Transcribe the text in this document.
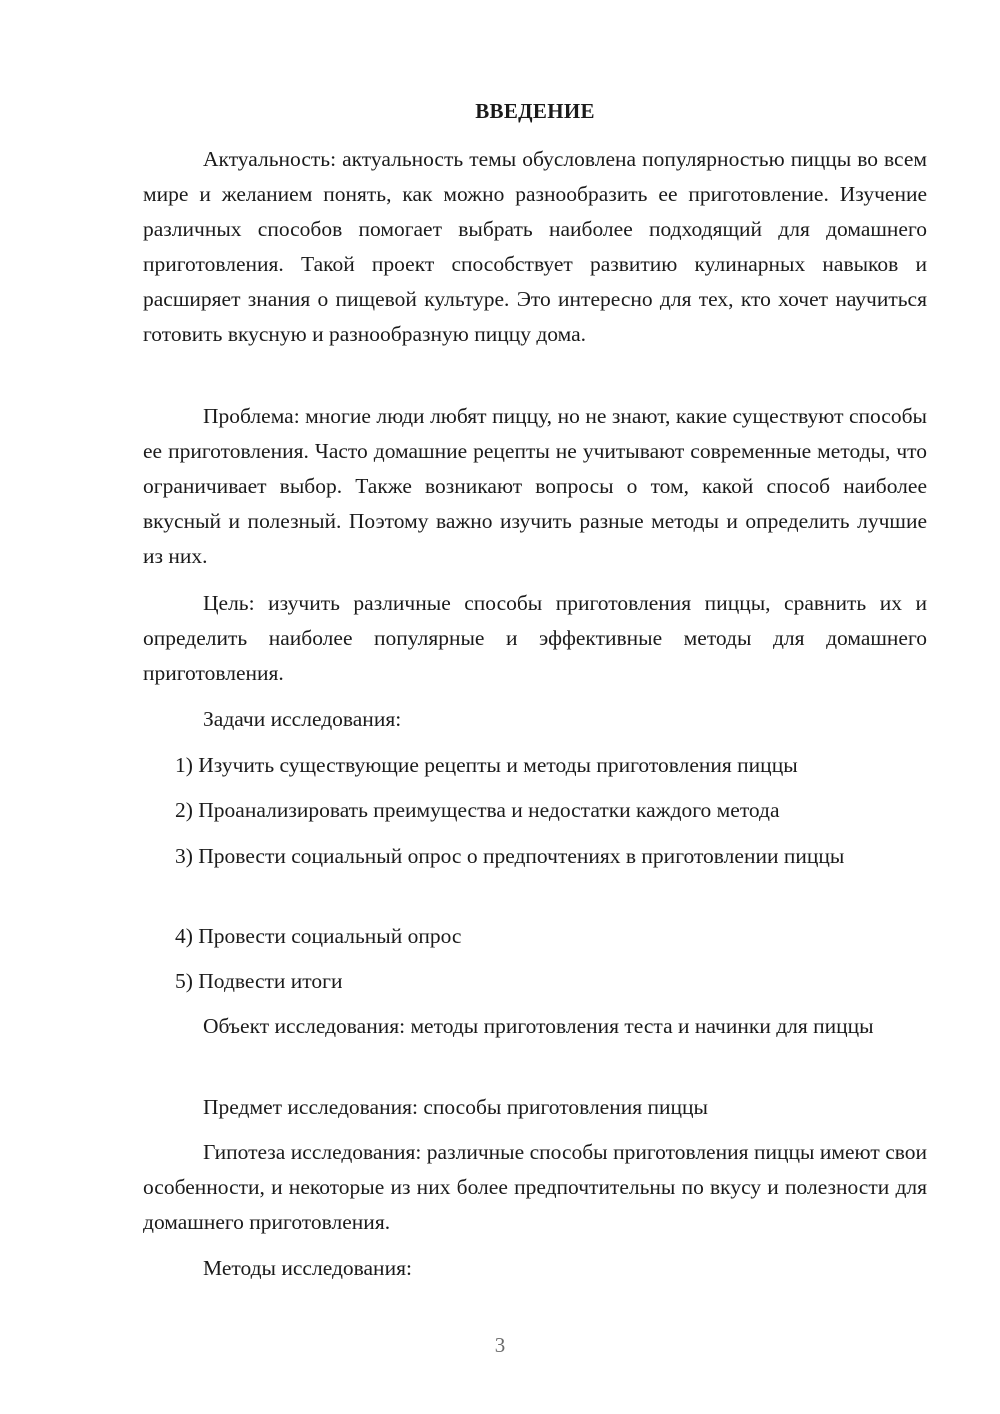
ВВЕДЕНИЕ

Актуальность: актуальность темы обусловлена популярностью пиццы во всем мире и желанием понять, как можно разнообразить ее приготовление. Изучение различных способов помогает выбрать наиболее подходящий для домашнего приготовления. Такой проект способствует развитию кулинарных навыков и расширяет знания о пищевой культуре. Это интересно для тех, кто хочет научиться готовить вкусную и разнообразную пиццу дома.

Проблема: многие люди любят пиццу, но не знают, какие существуют способы ее приготовления. Часто домашние рецепты не учитывают современные методы, что ограничивает выбор. Также возникают вопросы о том, какой способ наиболее вкусный и полезный. Поэтому важно изучить разные методы и определить лучшие из них.

Цель: изучить различные способы приготовления пиццы, сравнить их и определить наиболее популярные и эффективные методы для домашнего приготовления.

Задачи исследования:

1) Изучить существующие рецепты и методы приготовления пиццы

2) Проанализировать преимущества и недостатки каждого метода

3) Провести социальный опрос о предпочтениях в приготовлении пиццы

4) Провести социальный опрос

5) Подвести итоги

Объект исследования: методы приготовления теста и начинки для пиццы

Предмет исследования: способы приготовления пиццы

Гипотеза исследования: различные способы приготовления пиццы имеют свои особенности, и некоторые из них более предпочтительны по вкусу и полезности для домашнего приготовления.

Методы исследования:

3
